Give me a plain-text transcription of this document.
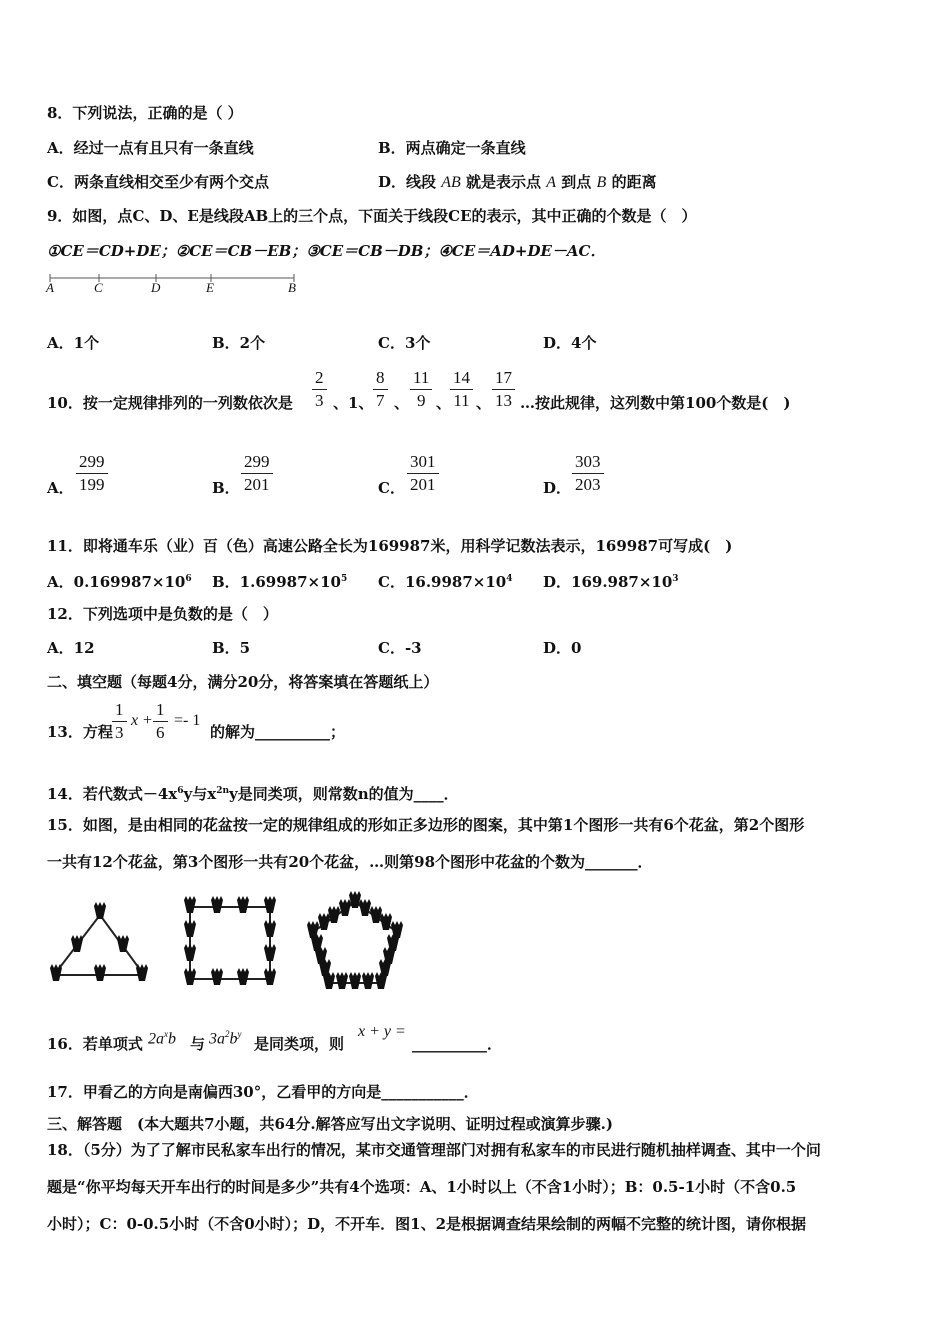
8．下列说法，正确的是（ ）
A．经过一点有且只有一条直线	B．两点确定一条直线
C．两条直线相交至少有两个交点	D．线段 AB 就是表示点 A 到点 B 的距离
9．如图，点C、D、E是线段AB上的三个点，下面关于线段CE的表示，其中正确的个数是（　）
①CE＝CD+DE；②CE＝CB－EB；③CE＝CB－DB；④CE＝AD+DE－AC．
A	C	D	E	B
A．1个	B．2个	C．3个	D．4个
10．按一定规律排列的一列数依次是 $\frac{2}{3}$ 、1、 $\frac{8}{7}$ 、 $\frac{11}{9}$ 、
$\frac{14}{11}$ 、 $\frac{17}{13}$ …按此规律，这列数中第100个数是(　)
A． $\frac{299}{199}$	B． $\frac{299}{201}$	C． $\frac{301}{201}$	D． $\frac{303}{203}$
11．即将通车乐（业）百（色）高速公路全长为169987米，用科学记数法表示，169987可写成(　)
A．$0.169987\times 10^6$ B．$1.69987\times 10^5$ C．$16.9987\times 10^4$ D．$169.987\times 10^3$
12．下列选项中是负数的是（　）
A．12	B．5	C．-3	D．0
二、填空题（每题4分，满分20分，将答案填在答题纸上）
13．方程 $\frac{1}{3}$ $x + \frac{1}{6} =- 1$
的解为__________；
14．若代数式$-4x^6y$与$x^{2n}y$是同类项，则常数n的值为____．
15．如图，是由相同的花盆按一定的规律组成的形如正多边形的图案，其中第1个图形一共有6个花盆，第2个图形
一共有12个花盆，第3个图形一共有20个花盆，…则第98个图形中花盆的个数为_______．
16．若单项式 $2a^xb$ 与 $3a^2b^y$
是同类项，则
x + y =
__________．
17．甲看乙的方向是南偏西30°，乙看甲的方向是___________．
三、解答题　(本大题共7小题，共64分.解答应写出文字说明、证明过程或演算步骤.)
18．（5分）为了了解市民私家车出行的情况，某市交通管理部门对拥有私家车的市民进行随机抽样调查、其中一个问
题是“你平均每天开车出行的时间是多少”共有4个选项：A、1小时以上（不含1小时）；B：0.5-1小时（不含0.5
小时）；C：0-0.5小时（不含0小时）；D，不开车．图1、2是根据调查结果绘制的两幅不完整的统计图，请你根据
